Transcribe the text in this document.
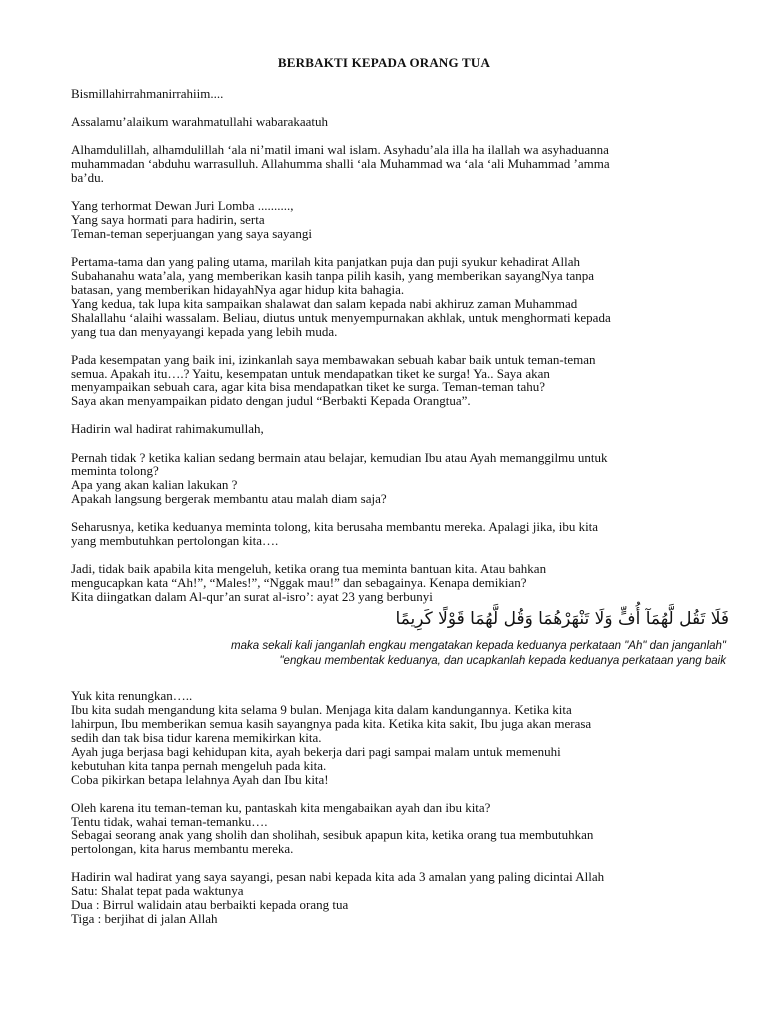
BERBAKTI KEPADA ORANG TUA
Bismillahirrahmanirrahiim....
Assalamu’alaikum warahmatullahi wabarakaatuh
Alhamdulillah, alhamdulillah ‘ala ni’matil imani wal islam. Asyhadu’ala illa ha ilallah wa asyhaduanna
muhammadan ‘abduhu warrasulluh. Allahumma shalli ‘ala Muhammad wa ‘ala ‘ali Muhammad ’amma
ba’du.
Yang terhormat Dewan Juri Lomba ..........,
Yang saya hormati para hadirin, serta
Teman-teman seperjuangan yang saya sayangi
Pertama-tama dan yang paling utama, marilah kita panjatkan puja dan puji syukur kehadirat Allah
Subahanahu wata’ala, yang memberikan kasih tanpa pilih kasih, yang memberikan sayangNya tanpa
batasan, yang memberikan hidayahNya agar hidup kita bahagia.
Yang kedua, tak lupa kita sampaikan shalawat dan salam kepada nabi akhiruz zaman Muhammad
Shalallahu ‘alaihi wassalam. Beliau, diutus untuk menyempurnakan akhlak, untuk menghormati kepada
yang tua dan menyayangi kepada yang lebih muda.
Pada kesempatan yang baik ini, izinkanlah saya membawakan sebuah kabar baik untuk teman-teman
semua. Apakah itu….? Yaitu, kesempatan untuk mendapatkan tiket ke surga! Ya.. Saya akan
menyampaikan sebuah cara, agar kita bisa mendapatkan tiket ke surga. Teman-teman tahu?
Saya akan menyampaikan pidato dengan judul “Berbakti Kepada Orangtua”.
Hadirin wal hadirat rahimakumullah,
Pernah tidak ? ketika kalian sedang bermain atau belajar, kemudian Ibu atau Ayah memanggilmu untuk
meminta tolong?
Apa yang akan kalian lakukan ?
Apakah langsung bergerak membantu atau malah diam saja?
Seharusnya, ketika keduanya meminta tolong, kita berusaha membantu mereka. Apalagi jika, ibu kita
yang membutuhkan pertolongan kita….
Jadi, tidak baik apabila kita mengeluh, ketika orang tua meminta bantuan kita. Atau bahkan
mengucapkan kata “Ah!”, “Males!”, “Nggak mau!” dan sebagainya. Kenapa demikian?
Kita diingatkan dalam Al-qur’an surat al-isro’: ayat 23 yang berbunyi
فَلَا تَقُل لَّهُمَآ أُفٍّ وَلَا تَنْهَرْهُمَا وَقُل لَّهُمَا قَوْلًا كَرِيمًا
maka sekali kali janganlah engkau mengatakan kepada keduanya perkataan "Ah" dan janganlah"
"engkau membentak keduanya, dan ucapkanlah kepada keduanya perkataan yang baik
Yuk kita renungkan…..
Ibu kita sudah mengandung kita selama 9 bulan. Menjaga kita dalam kandungannya. Ketika kita
lahirpun, Ibu memberikan semua kasih sayangnya pada kita. Ketika kita sakit, Ibu juga akan merasa
sedih dan tak bisa tidur karena memikirkan kita.
Ayah juga berjasa bagi kehidupan kita, ayah bekerja dari pagi sampai malam untuk memenuhi
kebutuhan kita tanpa pernah mengeluh pada kita.
Coba pikirkan betapa lelahnya Ayah dan Ibu kita!
Oleh karena itu teman-teman ku, pantaskah kita mengabaikan ayah dan ibu kita?
Tentu tidak, wahai teman-temanku….
Sebagai seorang anak yang sholih dan sholihah, sesibuk apapun kita, ketika orang tua membutuhkan
pertolongan, kita harus membantu mereka.
Hadirin wal hadirat yang saya sayangi, pesan nabi kepada kita ada 3 amalan yang paling dicintai Allah
Satu: Shalat tepat pada waktunya
Dua : Birrul walidain atau berbaikti kepada orang tua
Tiga : berjihat di jalan Allah
